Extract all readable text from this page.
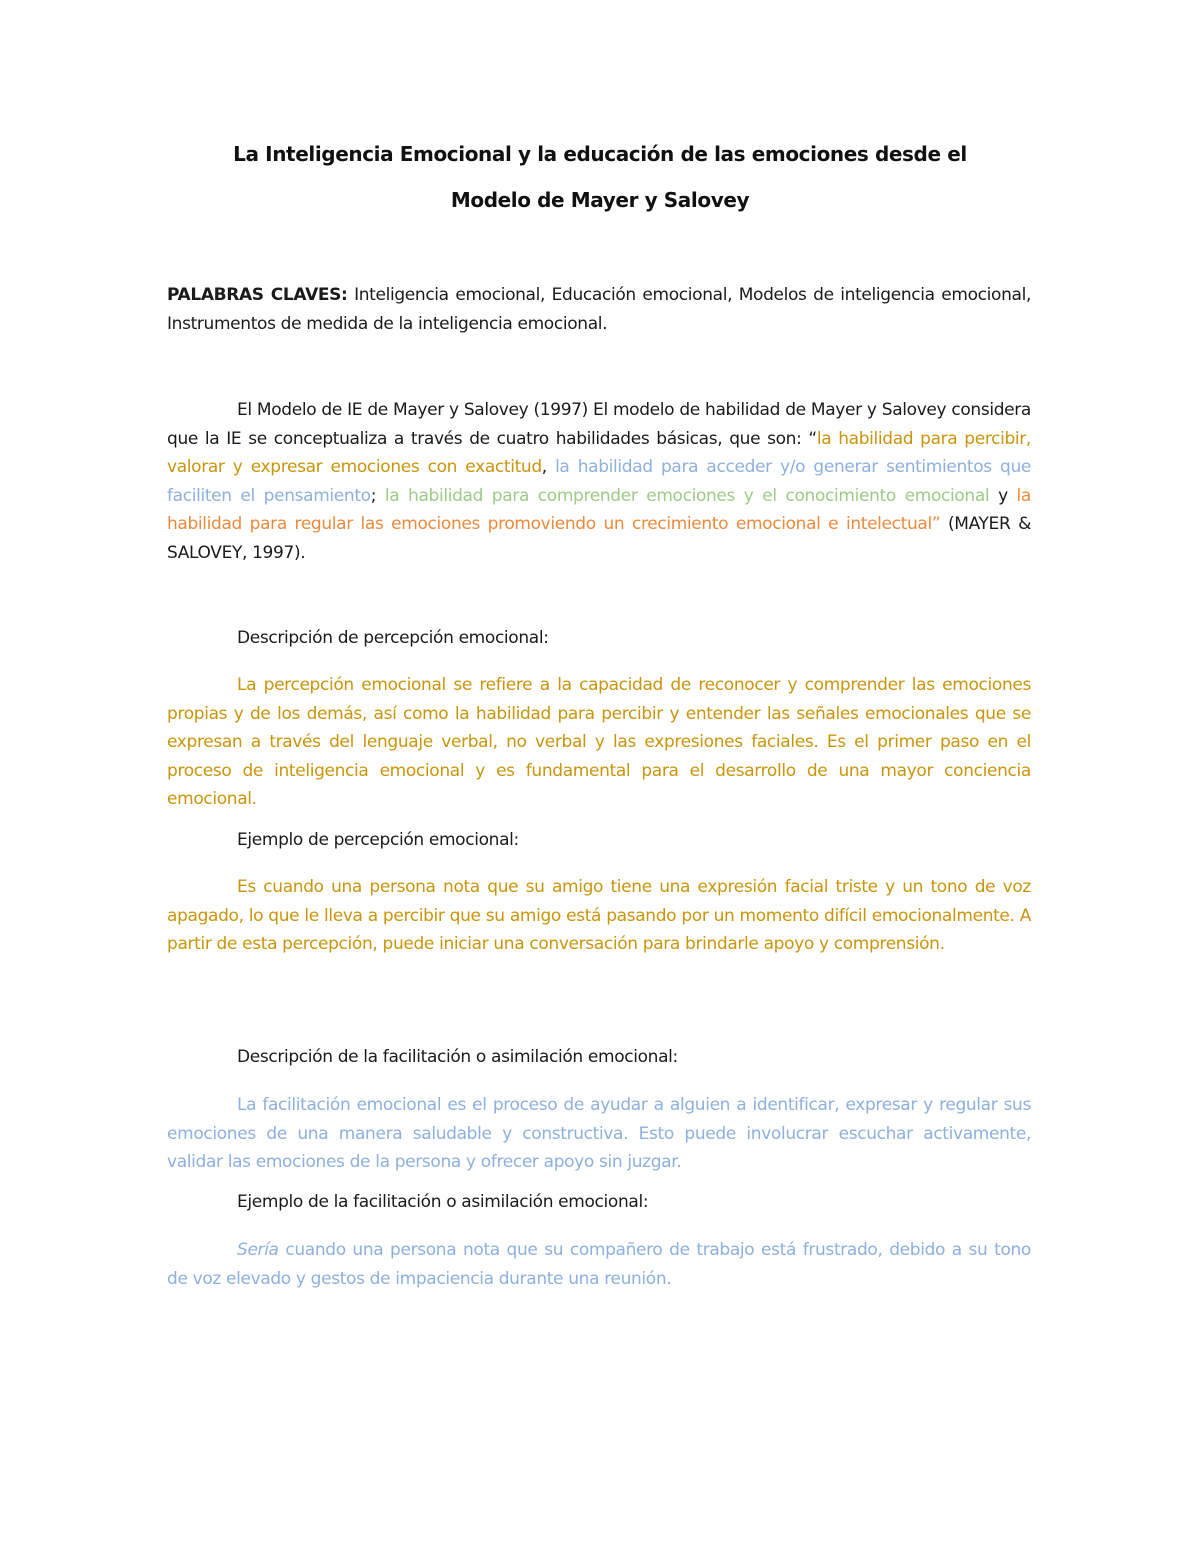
La Inteligencia Emocional y la educación de las emociones desde el
Modelo de Mayer y Salovey

PALABRAS CLAVES: Inteligencia emocional, Educación emocional, Modelos de inteligencia emocional, Instrumentos de medida de la inteligencia emocional.

El Modelo de IE de Mayer y Salovey (1997) El modelo de habilidad de Mayer y Salovey considera que la IE se conceptualiza a través de cuatro habilidades básicas, que son: “la habilidad para percibir, valorar y expresar emociones con exactitud, la habilidad para acceder y/o generar sentimientos que faciliten el pensamiento; la habilidad para comprender emociones y el conocimiento emocional y la habilidad para regular las emociones promoviendo un crecimiento emocional e intelectual” (MAYER & SALOVEY, 1997).

Descripción de percepción emocional:

La percepción emocional se refiere a la capacidad de reconocer y comprender las emociones propias y de los demás, así como la habilidad para percibir y entender las señales emocionales que se expresan a través del lenguaje verbal, no verbal y las expresiones faciales. Es el primer paso en el proceso de inteligencia emocional y es fundamental para el desarrollo de una mayor conciencia emocional.

Ejemplo de percepción emocional:

Es cuando una persona nota que su amigo tiene una expresión facial triste y un tono de voz apagado, lo que le lleva a percibir que su amigo está pasando por un momento difícil emocionalmente. A partir de esta percepción, puede iniciar una conversación para brindarle apoyo y comprensión.

Descripción de la facilitación o asimilación emocional:

La facilitación emocional es el proceso de ayudar a alguien a identificar, expresar y regular sus emociones de una manera saludable y constructiva. Esto puede involucrar escuchar activamente, validar las emociones de la persona y ofrecer apoyo sin juzgar.

Ejemplo de la facilitación o asimilación emocional:

Sería cuando una persona nota que su compañero de trabajo está frustrado, debido a su tono de voz elevado y gestos de impaciencia durante una reunión.
